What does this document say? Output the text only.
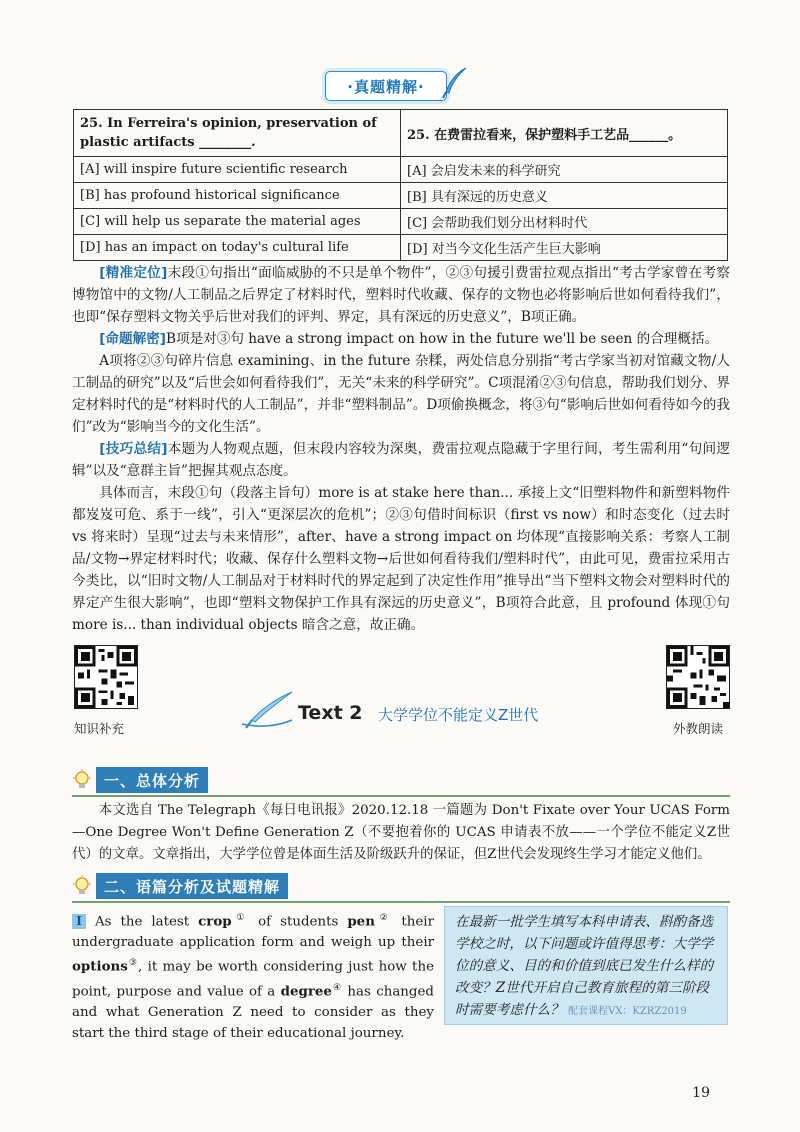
·真题精解·
25. In Ferreira's opinion, preservation of plastic artifacts ________.	25. 在费雷拉看来，保护塑料手工艺品______。
[A] will inspire future scientific research	[A] 会启发未来的科学研究
[B] has profound historical significance	[B] 具有深远的历史意义
[C] will help us separate the material ages	[C] 会帮助我们划分出材料时代
[D] has an impact on today's cultural life	[D] 对当今文化生活产生巨大影响
[精准定位]末段①句指出“面临威胁的不只是单个物件”，②③句援引费雷拉观点指出“考古学家曾在考察博物馆中的文物/人工制品之后界定了材料时代，塑料时代收藏、保存的文物也必将影响后世如何看待我们”，也即“保存塑料文物关乎后世对我们的评判、界定，具有深远的历史意义”，B项正确。
[命题解密]B项是对③句 have a strong impact on how in the future we'll be seen 的合理概括。
A项将②③句碎片信息 examining、in the future 杂糅，两处信息分别指“考古学家当初对馆藏文物/人工制品的研究”以及“后世会如何看待我们”，无关“未来的科学研究”。C项混淆②③句信息，帮助我们划分、界定材料时代的是“材料时代的人工制品”，并非“塑料制品”。D项偷换概念，将③句“影响后世如何看待如今的我们”改为“影响当今的文化生活”。
[技巧总结]本题为人物观点题，但末段内容较为深奥，费雷拉观点隐藏于字里行间，考生需利用“句间逻辑”以及“意群主旨”把握其观点态度。
具体而言，末段①句（段落主旨句）more is at stake here than... 承接上文“旧塑料物件和新塑料物件都岌岌可危、系于一线”，引入“更深层次的危机”；②③句借时间标识（first vs now）和时态变化（过去时 vs 将来时）呈现“过去与未来情形”，after、have a strong impact on 均体现“直接影响关系：考察人工制品/文物→界定材料时代；收藏、保存什么塑料文物→后世如何看待我们/塑料时代”，由此可见，费雷拉采用古今类比，以“旧时文物/人工制品对于材料时代的界定起到了决定性作用”推导出“当下塑料文物会对塑料时代的界定产生很大影响”，也即“塑料文物保护工作具有深远的历史意义”，B项符合此意，且 profound 体现①句 more is... than individual objects 暗含之意，故正确。
知识补充	外教朗读
Text 2 大学学位不能定义Z世代
一、总体分析
本文选自 The Telegraph《每日电讯报》2020.12.18 一篇题为 Don't Fixate over Your UCAS Form—One Degree Won't Define Generation Z（不要抱着你的 UCAS 申请表不放——一个学位不能定义Z世代）的文章。文章指出，大学学位曾是体面生活及阶级跃升的保证，但Z世代会发现终生学习才能定义他们。
二、语篇分析及试题精解
I As the latest crop① of students pen② their undergraduate application form and weigh up their options③, it may be worth considering just how the point, purpose and value of a degree④ has changed and what Generation Z need to consider as they start the third stage of their educational journey.
在最新一批学生填写本科申请表、斟酌备选学校之时，以下问题或许值得思考：大学学位的意义、目的和价值到底已发生什么样的改变？Z世代开启自己教育旅程的第三阶段时需要考虑什么？ 配套课程VX：KZRZ2019
19
